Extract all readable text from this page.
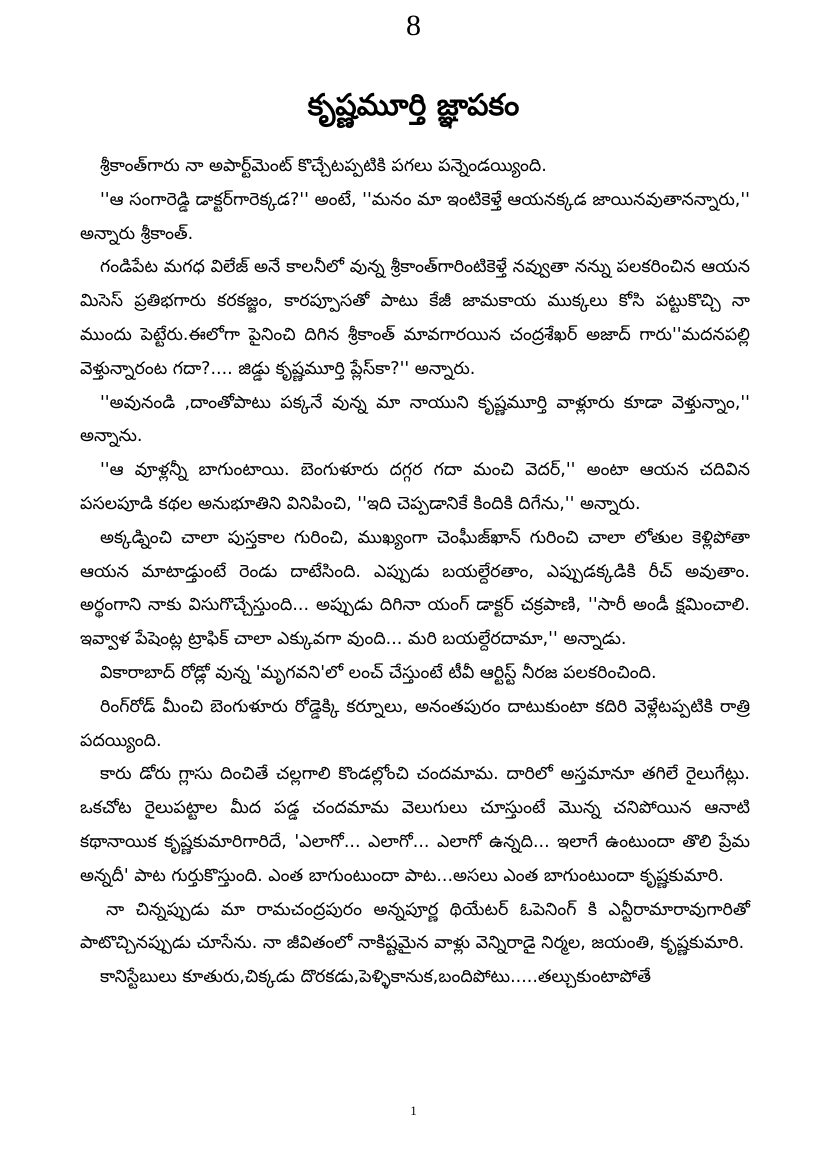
8
కృష్ణమూర్తి జ్ఞాపకం

శ్రీకాంత్‌గారు నా అపార్ట్‌మెంట్‌ కొచ్చేటప్పటికి పగలు పన్నెండయ్యింది.

''ఆ సంగారెడ్డి డాక్టర్‌గారెక్కడ?'' అంటే, ''మనం మా ఇంటికెళ్తే ఆయనక్కడ జాయినవుతానన్నారు,'' అన్నారు శ్రీకాంత్‌.

గండిపేట మగధ విలేజ్‌ అనే కాలనీలో వున్న శ్రీకాంత్‌గారింటికెళ్తే నవ్వుతా నన్ను పలకరించిన ఆయన మిసెస్‌ ప్రతిభగారు కరకజ్జం, కారప్పూసతో పాటు కేజీ జామకాయ ముక్కలు కోసి పట్టుకొచ్చి నా ముందు పెట్టేరు.ఈలోగా పైనించి దిగిన శ్రీకాంత్‌ మావగారయిన చంద్రశేఖర్‌ అజాద్‌ గారు''మదనపల్లి వెళ్తున్నారంట గదా?.... జిడ్డు కృష్ణమూర్తి ప్లేస్‌కా?'' అన్నారు.

''అవునండి ,దాంతోపాటు పక్కనే వున్న మా నాయుని కృష్ణమూర్తి వాళ్లూరు కూడా వెళ్తున్నాం,'' అన్నాను.

''ఆ వూళ్లన్నీ బాగుంటాయి. బెంగుళూరు దగ్గర గదా మంచి వెదర్‌,'' అంటా ఆయన చదివిన పసలపూడి కథల అనుభూతిని వినిపించి, ''ఇది చెప్పడానికే కిందికి దిగేను,'' అన్నారు.

అక్కడ్నించి చాలా పుస్తకాల గురించి, ముఖ్యంగా చెంఘీజ్‌ఖాన్‌ గురించి చాలా లోతుల కెళ్లిపోతా ఆయన మాటాడ్తుంటే రెండు దాటేసింది. ఎప్పుడు బయల్దేరతాం, ఎప్పుడక్కడికి రీచ్‌ అవుతాం. అర్థంగాని నాకు విసుగొచ్చేస్తుంది... అప్పుడు దిగినా యంగ్‌ డాక్టర్‌ చక్రపాణి, ''సారీ అండీ క్షమించాలి. ఇవ్వాళ పేషెంట్ల ట్రాఫిక్‌ చాలా ఎక్కువగా వుంది... మరి బయల్దేరదామా,'' అన్నాడు.

వికారాబాద్‌ రోడ్లో వున్న 'మృగవని'లో లంచ్‌ చేస్తుంటే టీవీ ఆర్టిస్ట్‌ నీరజ పలకరించింది.

రింగ్‌రోడ్‌ మీంచి బెంగుళూరు రోడ్డెక్కి కర్నూలు, అనంతపురం దాటుకుంటా కదిరి వెళ్లేటప్పటికి రాత్రి పదయ్యింది.

కారు డోరు గ్లాసు దించితే చల్లగాలి కొండల్లోంచి చందమామ. దారిలో అస్తమానూ తగిలే రైలుగేట్లు. ఒకచోట రైలుపట్టాల మీద పడ్డ చందమామ వెలుగులు చూస్తుంటే మొన్న చనిపోయిన ఆనాటి కథానాయిక కృష్ణకుమారిగారిదే, 'ఎలాగో... ఎలాగో... ఎలాగో ఉన్నది... ఇలాగే ఉంటుందా తొలి ప్రేమ అన్నదీ' పాట గుర్తుకొస్తుంది. ఎంత బాగుంటుందా పాట...అసలు ఎంత బాగుంటుందా కృష్ణకుమారి.

నా చిన్నప్పుడు మా రామచంద్రపురం అన్నపూర్ణ థియేటర్‌ ఓపెనింగ్‌ కి ఎన్టీరామారావుగారితో పాటొచ్చినప్పుడు చూసేను. నా జీవితంలో నాకిష్టమైన వాళ్లు వెన్నిరాడై నిర్మల, జయంతి, కృష్ణకుమారి.

కానిస్టేబులు కూతురు,చిక్కడు దొరకడు,పెళ్ళికానుక,బందిపోటు.....తల్చుకుంటాపోతే

1
